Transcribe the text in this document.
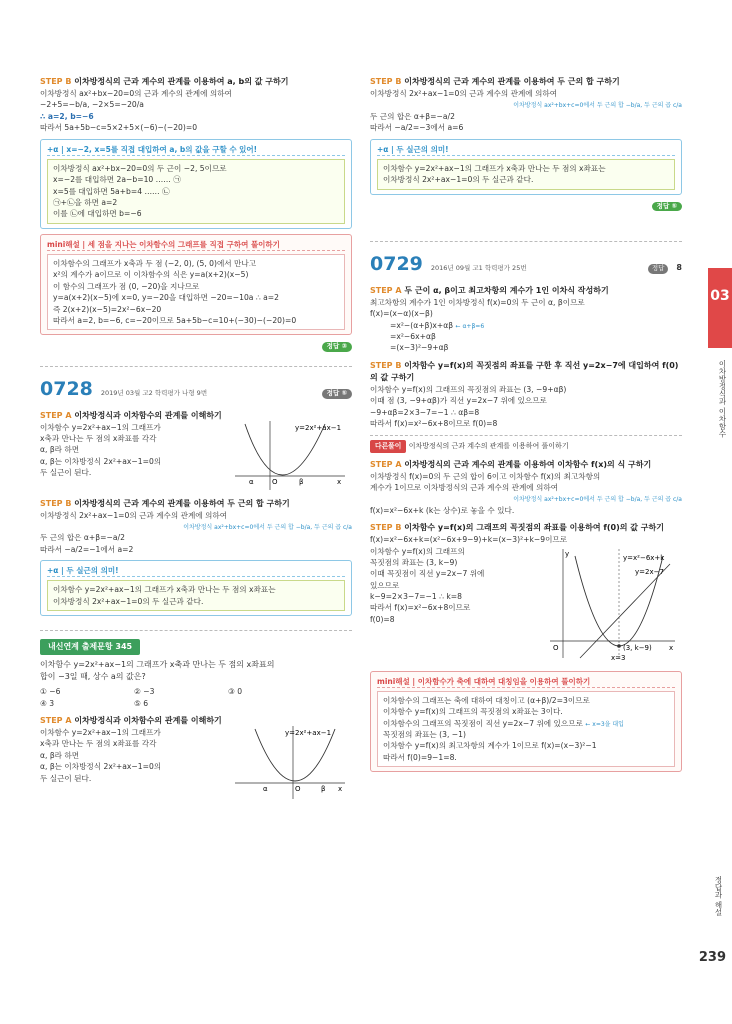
STEP B 이차방정식의 근과 계수의 관계를 이용하여 a, b의 값 구하기
이차방정식 ax²+bx−20=0의 근과 계수의 관계에 의하여
−2+5=−b/a, −2×5=−20/a
∴ a=2, b=−6
따라서 5a+5b−c=5×2+5×(−6)−(−20)=0
+α | x=−2, x=5를 직접 대입하여 a, b의 값을 구할 수 있어!
이차방정식 ax²+bx−20=0의 두 근이 −2, 5이므로
x=−2를 대입하면 2a−b=10 …… ㉠
x=5를 대입하면 5a+b=4 …… ㉡
㉠+㉡을 하면 a=2
이를 ㉡에 대입하면 b=−6
mini해설 | 세 점을 지나는 이차함수의 그래프를 직접 구하여 풀이하기
이차함수의 그래프가 x축과 두 점 (−2, 0), (5, 0)에서 만나고
x²의 계수가 a이므로 이 이차함수의 식은 y=a(x+2)(x−5)
이 함수의 그래프가 점 (0, −20)을 지나므로
y=a(x+2)(x−5)에 x=0, y=−20을 대입하면 −20=−10a ∴ a=2
즉 2(x+2)(x−5)=2x²−6x−20
따라서 a=2, b=−6, c=−20이므로 5a+5b−c=10+(−30)−(−20)=0
정답 ③
0728 2019년 03월 고2 학력평가 나형 9번	정답 ⑤
STEP A 이차방정식과 이차함수의 관계를 이해하기
이차함수 y=2x²+ax−1의 그래프가
x축과 만나는 두 점의 x좌표를 각각
α, β라 하면
α, β는 이차방정식 2x²+ax−1=0의
두 실근이 된다.
y=2x²+ax−1
α	β
O	x
STEP B 이차방정식의 근과 계수의 관계를 이용하여 두 근의 합 구하기
이차방정식 2x²+ax−1=0의 근과 계수의 관계에 의하여
이차방정식 ax²+bx+c=0에서 두 근의 합 −b/a, 두 근의 곱 c/a
두 근의 합은 α+β=−a/2
따라서 −a/2=−1에서 a=2
+α | 두 실근의 의미!
이차함수 y=2x²+ax−1의 그래프가 x축과 만나는 두 점의 x좌표는
이차방정식 2x²+ax−1=0의 두 실근과 같다.
내신연계 출제문항 345
이차함수 y=2x²+ax−1의 그래프가 x축과 만나는 두 점의 x좌표의
합이 −3일 때, 상수 a의 값은?
① −6	② −3	③ 0
④ 3	⑤ 6
STEP A 이차방정식과 이차함수의 관계를 이해하기
이차함수 y=2x²+ax−1의 그래프가
x축과 만나는 두 점의 x좌표를 각각
α, β라 하면
α, β는 이차방정식 2x²+ax−1=0의
두 실근이 된다.
y=2x²+ax−1
α	β
O	x
STEP B 이차방정식의 근과 계수의 관계를 이용하여 두 근의 합 구하기
이차방정식 2x²+ax−1=0의 근과 계수의 관계에 의하여
이차방정식 ax²+bx+c=0에서 두 근의 합 −b/a, 두 근의 곱 c/a
두 근의 합은 α+β=−a/2
따라서 −a/2=−3에서 a=6
+α | 두 실근의 의미!
이차함수 y=2x²+ax−1의 그래프가 x축과 만나는 두 점의 x좌표는
이차방정식 2x²+ax−1=0의 두 실근과 같다.
정답 ⑤
0729 2016년 09월 고1 학력평가 25번	정답	8
STEP A 두 근이 α, β이고 최고차항의 계수가 1인 이차식 작성하기
최고차항의 계수가 1인 이차방정식 f(x)=0의 두 근이 α, β이므로
f(x)=(x−α)(x−β)
=x²−(α+β)x+αβ ← α+β=6
=x²−6x+αβ
=(x−3)²−9+αβ
STEP B 이차함수 y=f(x)의 꼭짓점의 좌표를 구한 후 직선 y=2x−7에 대입하여 f(0)의 값 구하기
이차함수 y=f(x)의 그래프의 꼭짓점의 좌표는 (3, −9+αβ)
이때 점 (3, −9+αβ)가 직선 y=2x−7 위에 있으므로
−9+αβ=2×3−7=−1 ∴ αβ=8
따라서 f(x)=x²−6x+8이므로 f(0)=8
다른풀이 이차방정식의 근과 계수의 관계를 이용하여 풀이하기
STEP A 이차방정식의 근과 계수의 관계를 이용하여 이차함수 f(x)의 식 구하기
이차방정식 f(x)=0의 두 근의 합이 6이고 이차함수 f(x)의 최고차항의
계수가 1이므로 이차방정식의 근과 계수의 관계에 의하여
이차방정식 ax²+bx+c=0에서 두 근의 합 −b/a, 두 근의 곱 c/a
f(x)=x²−6x+k (k는 상수)로 놓을 수 있다.
STEP B 이차함수 y=f(x)의 그래프의 꼭짓점의 좌표를 이용하여 f(0)의 값 구하기
f(x)=x²−6x+k=(x²−6x+9−9)+k=(x−3)²+k−9이므로
이차함수 y=f(x)의 그래프의
꼭짓점의 좌표는 (3, k−9)
이때 꼭짓점이 직선 y=2x−7 위에
있으므로
k−9=2×3−7=−1 ∴ k=8
따라서 f(x)=x²−6x+8이므로
f(0)=8
y=x²−6x+k
y=2x−7
O	x
y
(3, k−9)
x=3
mini해설 | 이차함수가 축에 대하여 대칭임을 이용하여 풀이하기
이차함수의 그래프는 축에 대하여 대칭이고 (α+β)/2=3이므로
이차함수 y=f(x)의 그래프의 꼭짓점의 x좌표는 3이다.
이차함수의 그래프의 꼭짓점이 직선 y=2x−7 위에 있으므로 ← x=3을 대입
꼭짓점의 좌표는 (3, −1)
이차함수 y=f(x)의 최고차항의 계수가 1이므로 f(x)=(x−3)²−1
따라서 f(0)=9−1=8.
03
이차방정식과 이차함수
정답과 해설
239
